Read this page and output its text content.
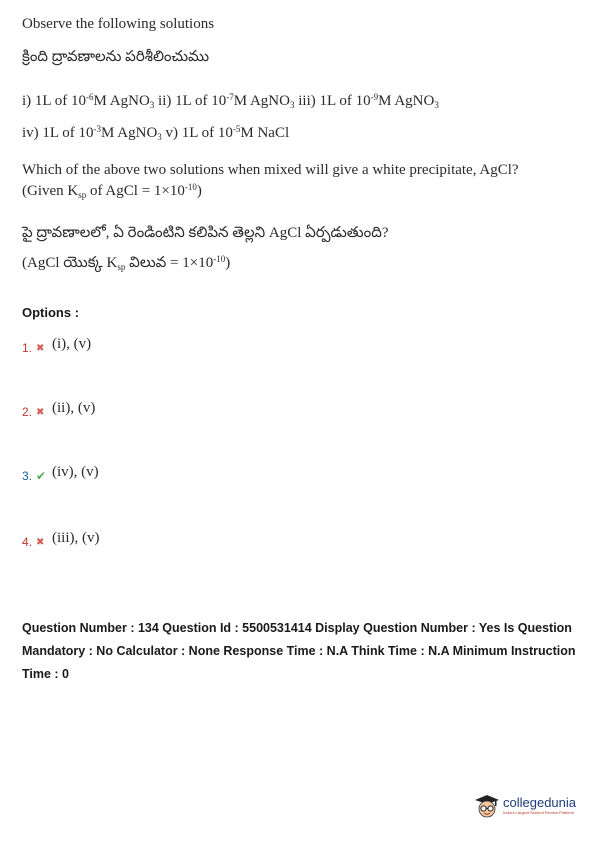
Observe the following solutions
క్రింది ద్రావణాలను పరిశీలించుము
i) 1L of $10^{-6}M$ AgNO$_3$ ii) 1L of $10^{-7}M$ AgNO$_3$ iii) 1L of $10^{-9}M$ AgNO$_3$
iv) 1L of $10^{-3}M$ AgNO$_3$ v) 1L of $10^{-5}M$ NaCl
Which of the above two solutions when mixed will give a white precipitate, AgCl?
(Given $K_{sp}$ of AgCl = $1\times 10^{-10}$)
పై ద్రావణాలలో, ఏ రెండింటిని కలిపిన తెల్లని AgCl ఏర్పడుతుంది?
(AgCl యొక్క $K_{sp}$ విలువ = $1\times 10^{-10}$)
Options :
1. ✖ (i), (v)
2. ✖ (ii), (v)
3. ✔ (iv), (v)
4. ✖ (iii), (v)
Question Number : 134 Question Id : 5500531414 Display Question Number : Yes Is Question Mandatory : No Calculator : None Response Time : N.A Think Time : N.A Minimum Instruction Time : 0
collegedunia
India's Largest Student Review Platform
